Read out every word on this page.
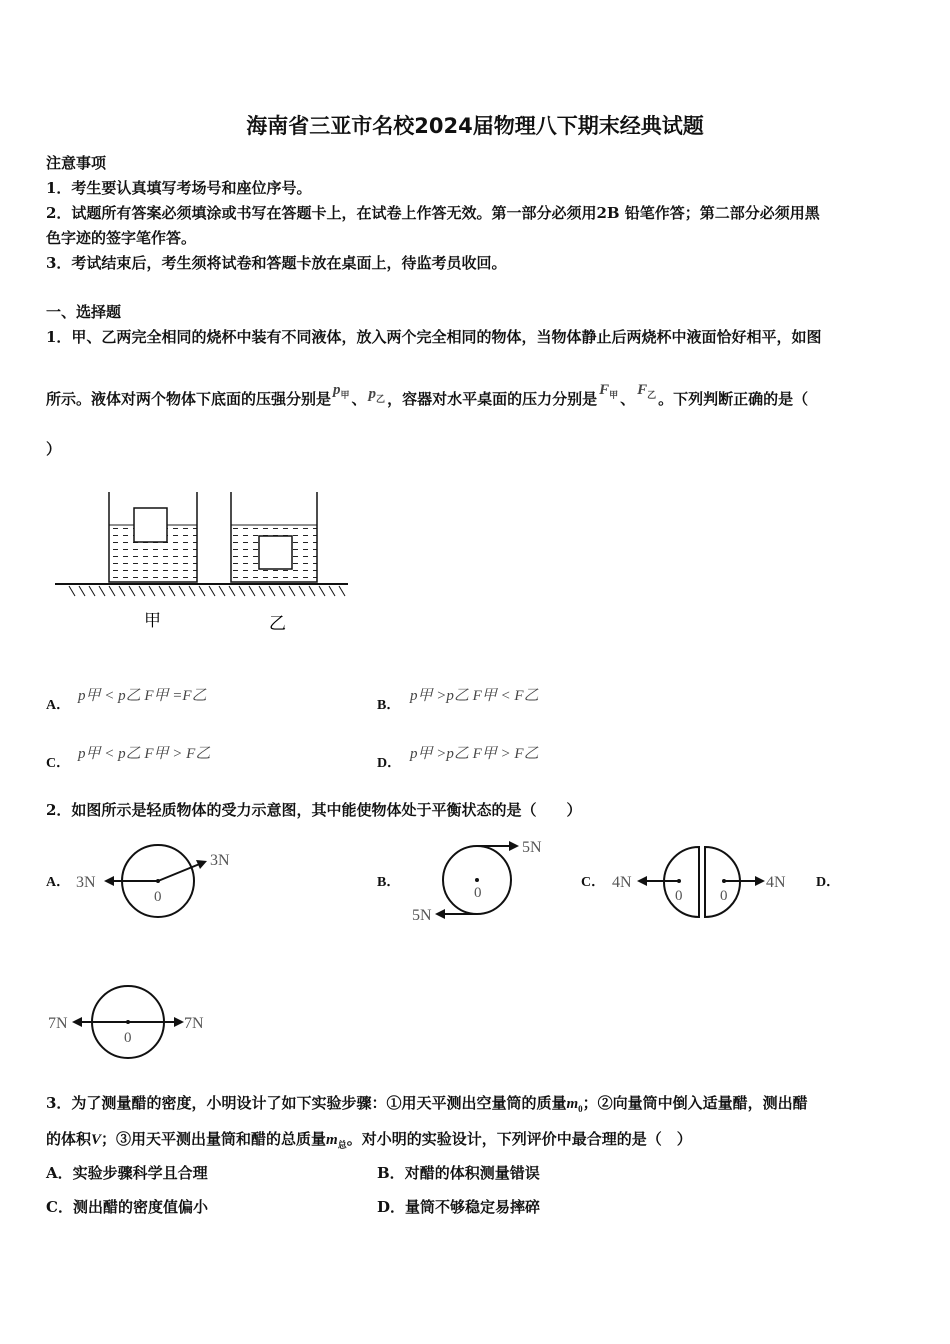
海南省三亚市名校2024届物理八下期末经典试题
注意事项
1．考生要认真填写考场号和座位序号。
2．试题所有答案必须填涂或书写在答题卡上，在试卷上作答无效。第一部分必须用2B 铅笔作答；第二部分必须用黑
色字迹的签字笔作答。
3．考试结束后，考生须将试卷和答题卡放在桌面上，待监考员收回。
一、选择题
1．甲、乙两完全相同的烧杯中装有不同液体，放入两个完全相同的物体，当物体静止后两烧杯中液面恰好相平，如图
所示。液体对两个物体下底面的压强分别是 $p_甲$ 、 $p_乙$ ，容器对水平桌面的压力分别是 $F_甲$ 、 $F_乙$ 。下列判断正确的是（
）
甲	乙
A．
p甲 < p乙 F甲 =F乙
B．
p甲 >p乙 F甲 < F乙
C．
p甲 < p乙 F甲 > F乙
D．
p甲 >p乙 F甲 > F乙
2．如图所示是轻质物体的受力示意图，其中能使物体处于平衡状态的是（　　）
A． 3N
3N
0
B．
5N
5N
0
C． 4N	4N
0	0
D．
7N	7N
0
3．为了测量醋的密度，小明设计了如下实验步骤：①用天平测出空量筒的质量$m_0$；②向量筒中倒入适量醋，测出醋
的体积V；③用天平测出量筒和醋的总质量$m_总$。对小明的实验设计，下列评价中最合理的是（　）
A．实验步骤科学且合理	B．对醋的体积测量错误
C．测出醋的密度值偏小	D．量筒不够稳定易摔碎
